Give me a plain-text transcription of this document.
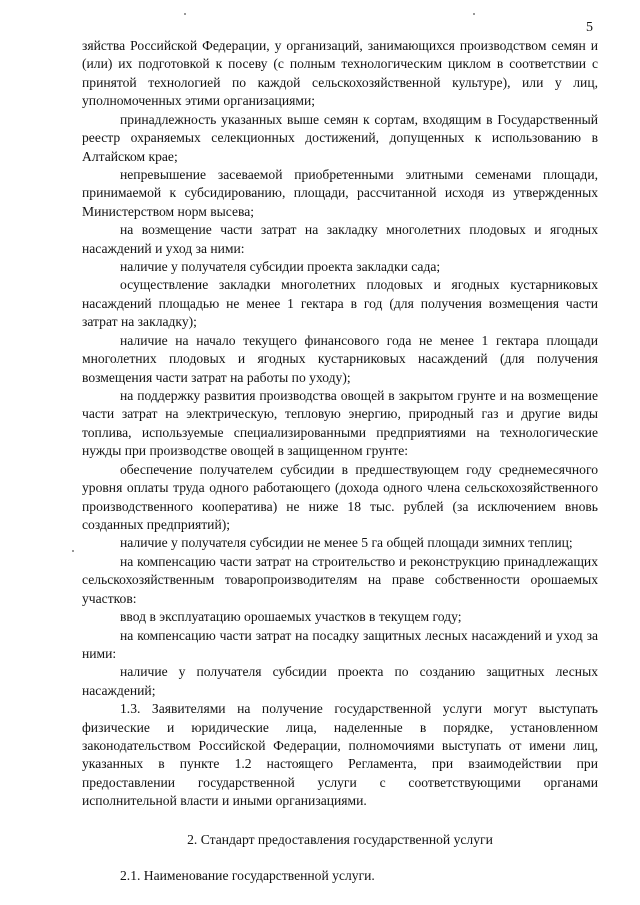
5

зяйства Российской Федерации, у организаций, занимающихся производством семян и (или) их подготовкой к посеву (с полным технологическим циклом в соответствии с принятой технологией по каждой сельскохозяйственной культуре), или у лиц, уполномоченных этими организациями;

принадлежность указанных выше семян к сортам, входящим в Государственный реестр охраняемых селекционных достижений, допущенных к использованию в Алтайском крае;

непревышение засеваемой приобретенными элитными семенами площади, принимаемой к субсидированию, площади, рассчитанной исходя из утвержденных Министерством норм высева;

на возмещение части затрат на закладку многолетних плодовых и ягодных насаждений и уход за ними:

наличие у получателя субсидии проекта закладки сада;

осуществление закладки многолетних плодовых и ягодных кустарниковых насаждений площадью не менее 1 гектара в год (для получения возмещения части затрат на закладку);

наличие на начало текущего финансового года не менее 1 гектара площади многолетних плодовых и ягодных кустарниковых насаждений (для получения возмещения части затрат на работы по уходу);

на поддержку развития производства овощей в закрытом грунте и на возмещение части затрат на электрическую, тепловую энергию, природный газ и другие виды топлива, используемые специализированными предприятиями на технологические нужды при производстве овощей в защищенном грунте:

обеспечение получателем субсидии в предшествующем году среднемесячного уровня оплаты труда одного работающего (дохода одного члена сельскохозяйственного производственного кооператива) не ниже 18 тыс. рублей (за исключением вновь созданных предприятий);

наличие у получателя субсидии не менее 5 га общей площади зимних теплиц;

на компенсацию части затрат на строительство и реконструкцию принадлежащих сельскохозяйственным товаропроизводителям на праве собственности орошаемых участков:

ввод в эксплуатацию орошаемых участков в текущем году;

на компенсацию части затрат на посадку защитных лесных насаждений и уход за ними:

наличие у получателя субсидии проекта по созданию защитных лесных насаждений;

1.3. Заявителями на получение государственной услуги могут выступать физические и юридические лица, наделенные в порядке, установленном законодательством Российской Федерации, полномочиями выступать от имени лиц, указанных в пункте 1.2 настоящего Регламента, при взаимодействии при предоставлении государственной услуги с соответствующими органами исполнительной власти и иными организациями.

2. Стандарт предоставления государственной услуги

2.1. Наименование государственной услуги.
